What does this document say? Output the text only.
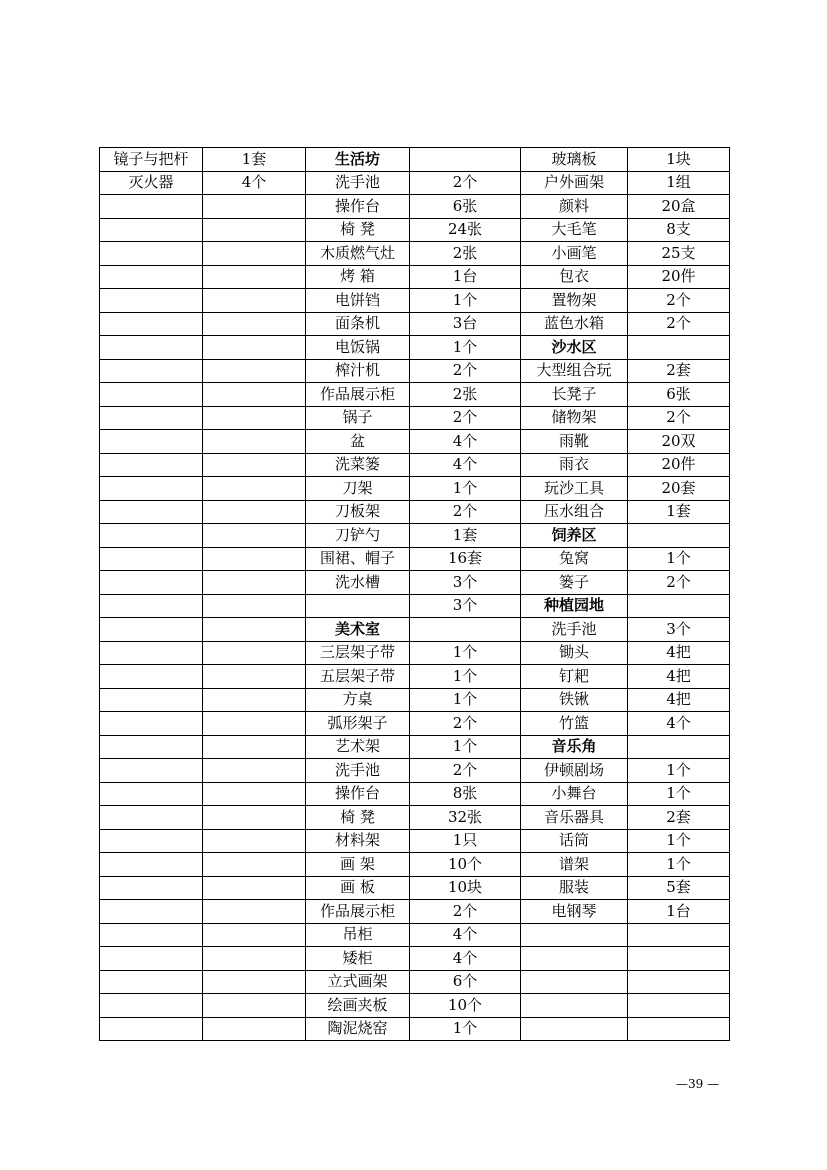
镜子与把杆	1套	生活坊		玻璃板	1块
灭火器	4个	洗手池	2个	户外画架	1组
		操作台	6张	颜料	20盒
		椅 凳	24张	大毛笔	8支
		木质燃气灶	2张	小画笔	25支
		烤 箱	1台	包衣	20件
		电饼铛	1个	置物架	2个
		面条机	3台	蓝色水箱	2个
		电饭锅	1个	沙水区	
		榨汁机	2个	大型组合玩	2套
		作品展示柜	2张	长凳子	6张
		锅子	2个	储物架	2个
		盆	4个	雨靴	20双
		洗菜篓	4个	雨衣	20件
		刀架	1个	玩沙工具	20套
		刀板架	2个	压水组合	1套
		刀铲勺	1套	饲养区	
		围裙、帽子	16套	兔窝	1个
		洗水槽	3个	篓子	2个
			3个	种植园地	
		美术室		洗手池	3个
		三层架子带	1个	锄头	4把
		五层架子带	1个	钉耙	4把
		方桌	1个	铁锹	4把
		弧形架子	2个	竹篮	4个
		艺术架	1个	音乐角	
		洗手池	2个	伊顿剧场	1个
		操作台	8张	小舞台	1个
		椅 凳	32张	音乐器具	2套
		材料架	1只	话筒	1个
		画 架	10个	谱架	1个
		画 板	10块	服装	5套
		作品展示柜	2个	电钢琴	1台
		吊柜	4个		
		矮柜	4个		
		立式画架	6个		
		绘画夹板	10个		
		陶泥烧窑	1个		
—39 —
